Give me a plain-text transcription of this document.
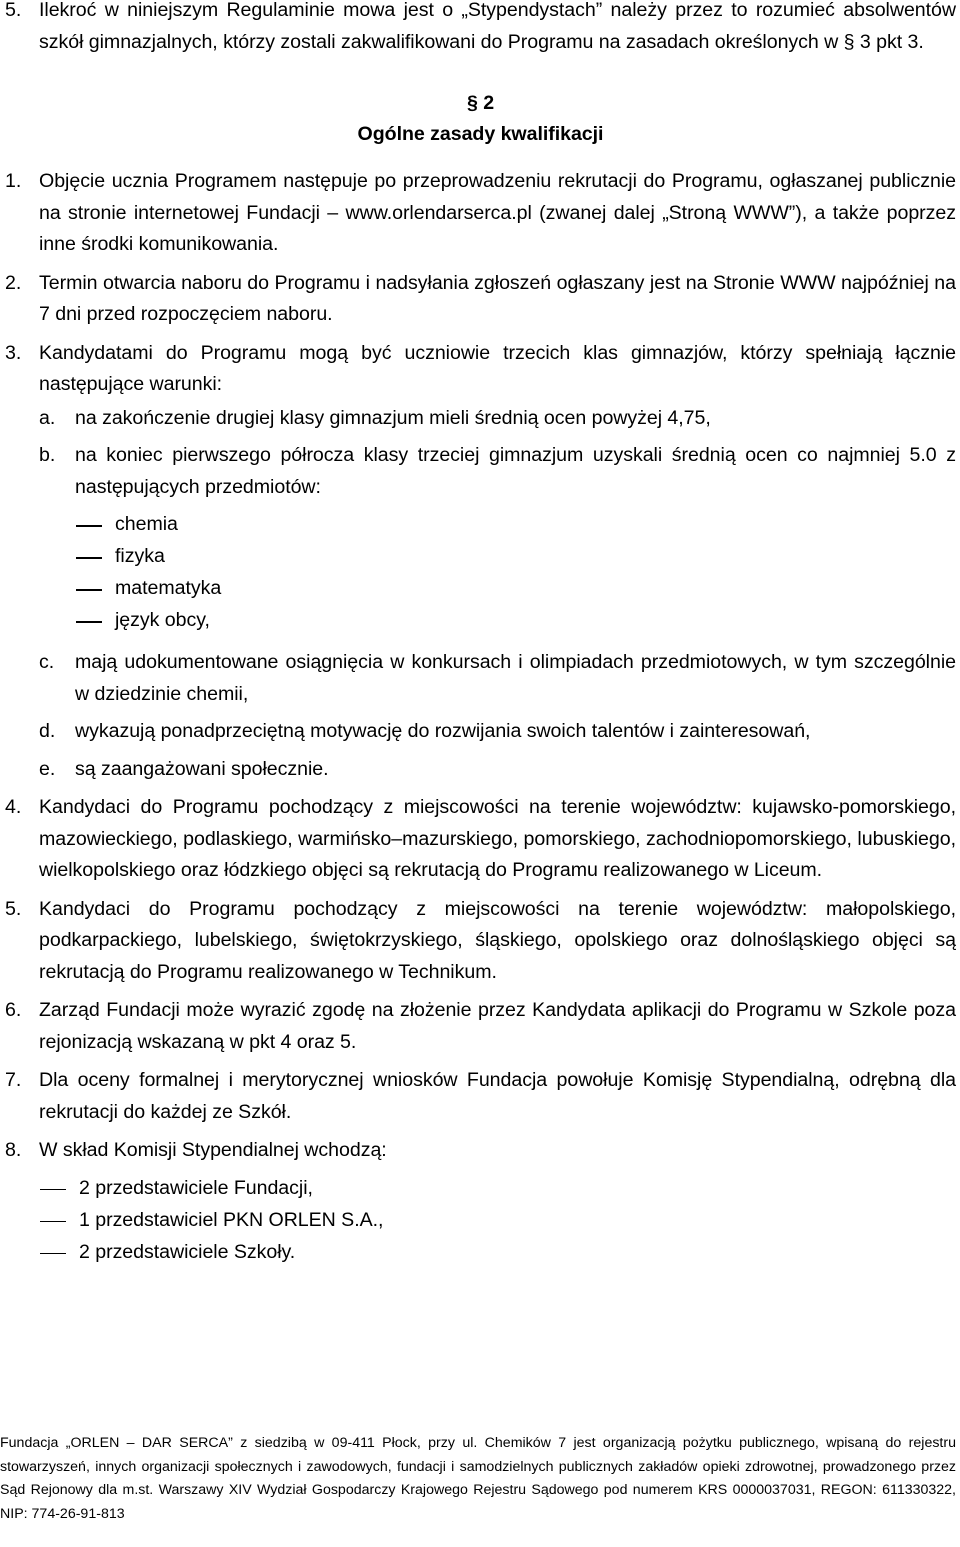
5. Ilekroć w niniejszym Regulaminie mowa jest o „Stypendystach” należy przez to rozumieć absolwentów szkół gimnazjalnych, którzy zostali zakwalifikowani do Programu na zasadach określonych w § 3 pkt 3.
§ 2
Ogólne zasady kwalifikacji
1. Objęcie ucznia Programem następuje po przeprowadzeniu rekrutacji do Programu, ogłaszanej publicznie na stronie internetowej Fundacji – www.orlendarserca.pl (zwanej dalej „Stroną WWW”), a także poprzez inne środki komunikowania.
2. Termin otwarcia naboru do Programu i nadsyłania zgłoszeń ogłaszany jest na Stronie WWW najpóźniej na 7 dni przed rozpoczęciem naboru.
3. Kandydatami do Programu mogą być uczniowie trzecich klas gimnazjów, którzy spełniają łącznie następujące warunki:
a.	na zakończenie drugiej klasy gimnazjum mieli średnią ocen powyżej 4,75,
b.	na koniec pierwszego półrocza klasy trzeciej gimnazjum uzyskali średnią ocen co najmniej 5.0 z następujących przedmiotów:
chemia
fizyka
matematyka
język obcy,
c.	mają udokumentowane osiągnięcia w konkursach i olimpiadach przedmiotowych, w tym szczególnie w dziedzinie chemii,
d.	wykazują ponadprzeciętną motywację do rozwijania swoich talentów i zainteresowań,
e.	są zaangażowani społecznie.
4. Kandydaci do Programu pochodzący z miejscowości na terenie województw: kujawsko-pomorskiego, mazowieckiego, podlaskiego, warmińsko–mazurskiego, pomorskiego, zachodniopomorskiego, lubuskiego, wielkopolskiego oraz łódzkiego objęci są rekrutacją do Programu realizowanego w Liceum.
5. Kandydaci do Programu pochodzący z miejscowości na terenie województw: małopolskiego, podkarpackiego, lubelskiego, świętokrzyskiego, śląskiego, opolskiego oraz dolnośląskiego objęci są rekrutacją do Programu realizowanego w Technikum.
6. Zarząd Fundacji może wyrazić zgodę na złożenie przez Kandydata aplikacji do Programu w Szkole poza rejonizacją wskazaną w pkt 4 oraz 5.
7. Dla oceny formalnej i merytorycznej wniosków Fundacja powołuje Komisję Stypendialną, odrębną dla rekrutacji do każdej ze Szkół.
8. W skład Komisji Stypendialnej wchodzą:
2 przedstawiciele Fundacji,
1 przedstawiciel PKN ORLEN S.A.,
2 przedstawiciele Szkoły.
Fundacja „ORLEN – DAR SERCA” z siedzibą w 09-411 Płock, przy ul. Chemików 7 jest organizacją pożytku publicznego, wpisaną do rejestru stowarzyszeń, innych organizacji społecznych i zawodowych, fundacji i samodzielnych publicznych zakładów opieki zdrowotnej, prowadzonego przez Sąd Rejonowy dla m.st. Warszawy XIV Wydział Gospodarczy Krajowego Rejestru Sądowego pod numerem KRS 0000037031, REGON: 611330322, NIP: 774-26-91-813
